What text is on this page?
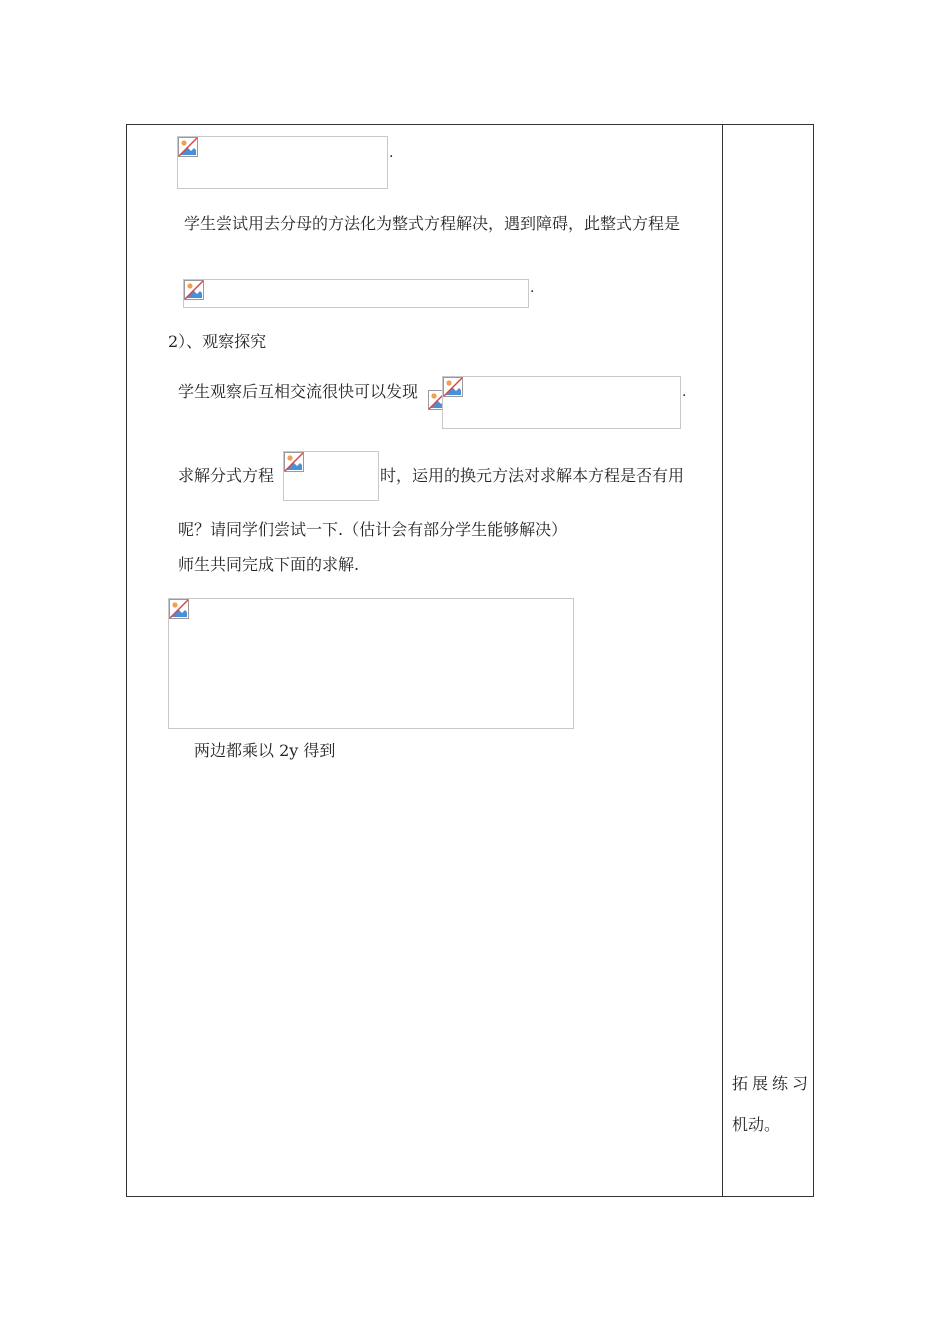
.
学生尝试用去分母的方法化为整式方程解决，遇到障碍，此整式方程是
.
2）、观察探究
学生观察后互相交流很快可以发现	.
求解分式方程	时，运用的换元方法对求解本方程是否有用
呢？请同学们尝试一下.（估计会有部分学生能够解决）
师生共同完成下面的求解.
两边都乘以 2y 得到
拓展练习
机动。
